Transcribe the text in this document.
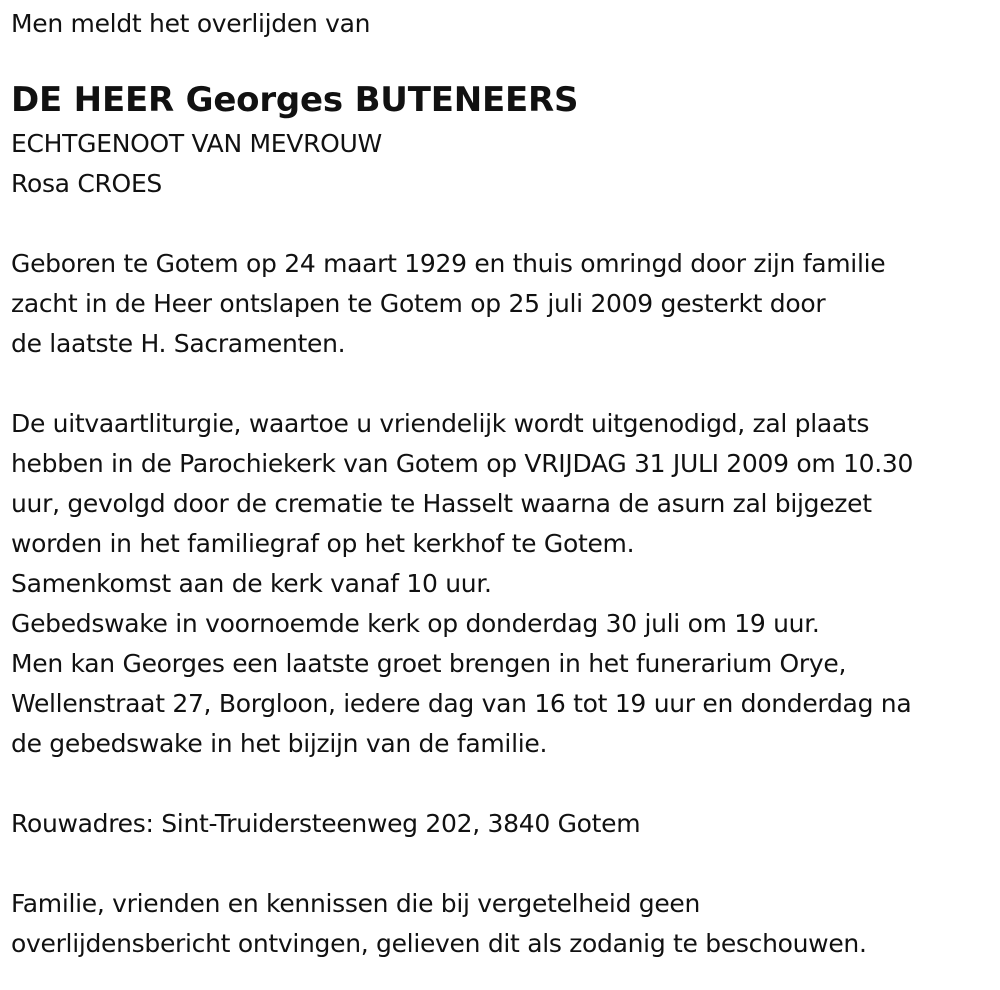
Men meldt het overlijden van
DE HEER Georges BUTENEERS
ECHTGENOOT VAN MEVROUW
Rosa CROES
Geboren te Gotem op 24 maart 1929 en thuis omringd door zijn familie
zacht in de Heer ontslapen te Gotem op 25 juli 2009 gesterkt door
de laatste H. Sacramenten.
De uitvaartliturgie, waartoe u vriendelijk wordt uitgenodigd, zal plaats
hebben in de Parochiekerk van Gotem op VRIJDAG 31 JULI 2009 om 10.30
uur, gevolgd door de crematie te Hasselt waarna de asurn zal bijgezet
worden in het familiegraf op het kerkhof te Gotem.
Samenkomst aan de kerk vanaf 10 uur.
Gebedswake in voornoemde kerk op donderdag 30 juli om 19 uur.
Men kan Georges een laatste groet brengen in het funerarium Orye,
Wellenstraat 27, Borgloon, iedere dag van 16 tot 19 uur en donderdag na
de gebedswake in het bijzijn van de familie.
Rouwadres: Sint-Truidersteenweg 202, 3840 Gotem
Familie, vrienden en kennissen die bij vergetelheid geen
overlijdensbericht ontvingen, gelieven dit als zodanig te beschouwen.
